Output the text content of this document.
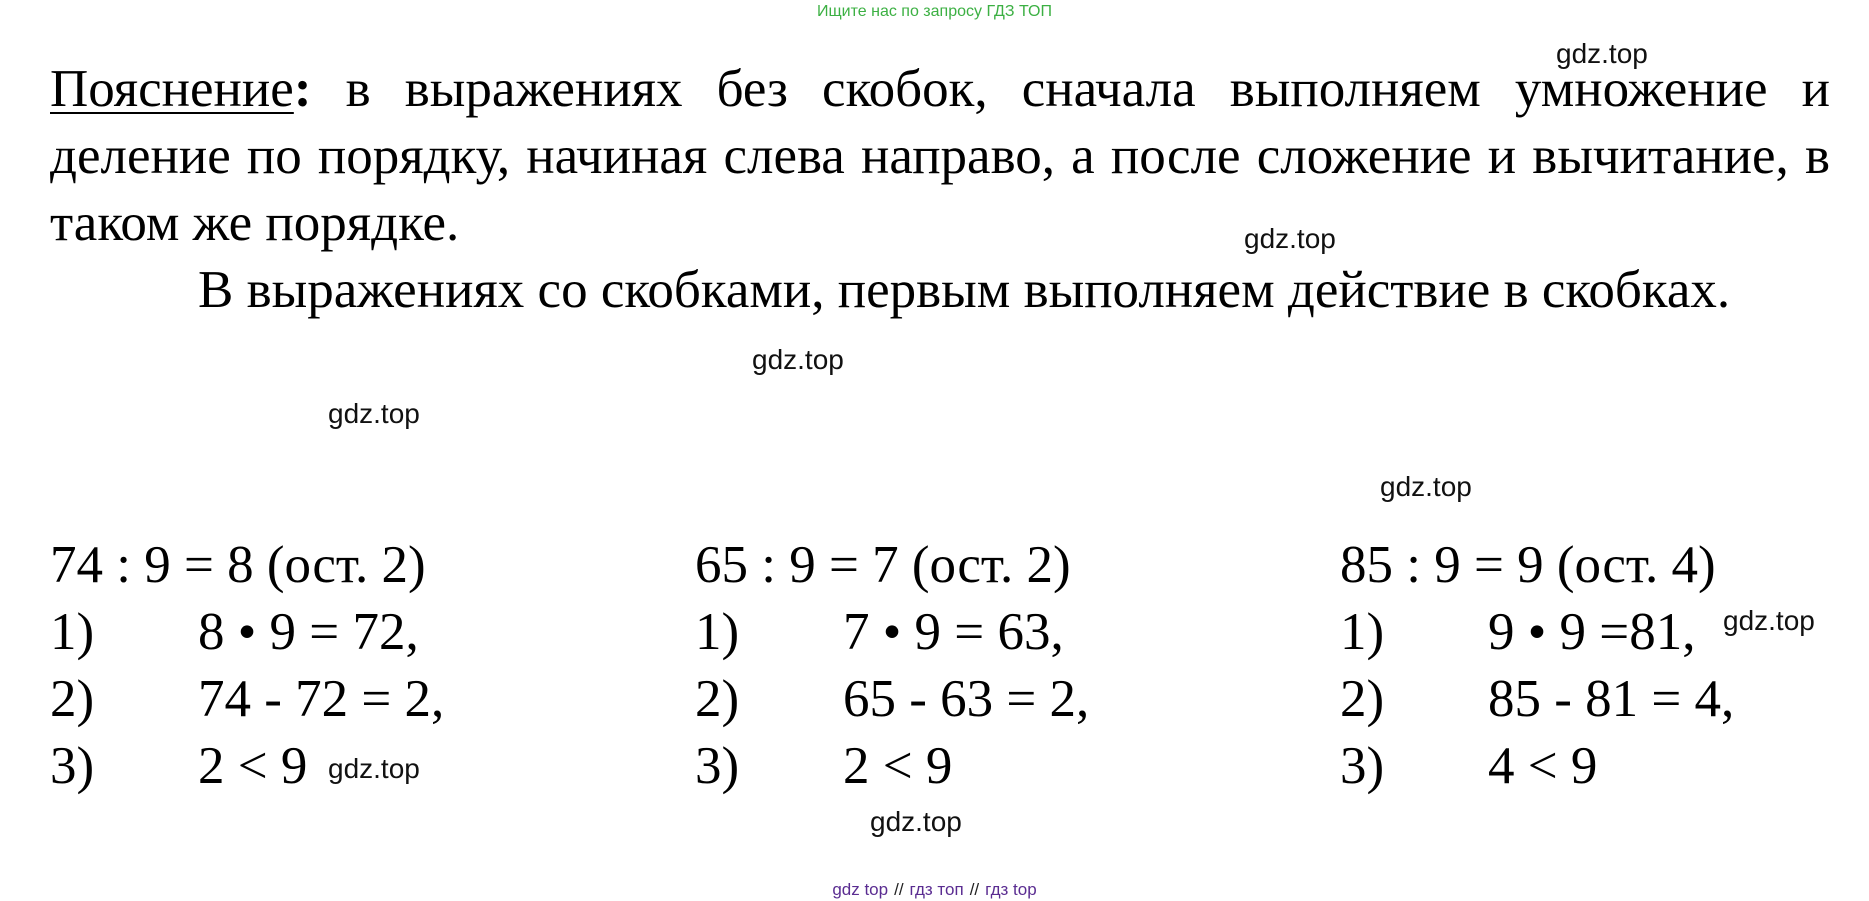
Ищите нас по запросу ГДЗ ТОП

Пояснение: в выражениях без скобок, сначала выполняем умножение и деление по порядку, начиная слева направо, а после сложение и вычитание, в таком же порядке.

В выражениях со скобками, первым выполняем действие в скобках.

74 : 9 = 8 (ост. 2)
1) 8 • 9 = 72,
2) 74 - 72 = 2,
3) 2 < 9
65 : 9 = 7 (ост. 2)
1) 7 • 9 = 63,
2) 65 - 63 = 2,
3) 2 < 9
85 : 9 = 9 (ост. 4)
1) 9 • 9 =81,
2) 85 - 81 = 4,
3) 4 < 9
gdz.top
gdz.top
gdz.top
gdz.top
gdz.top
gdz.top
gdz.top
gdz.top
gdz top // гдз топ // гдз top
